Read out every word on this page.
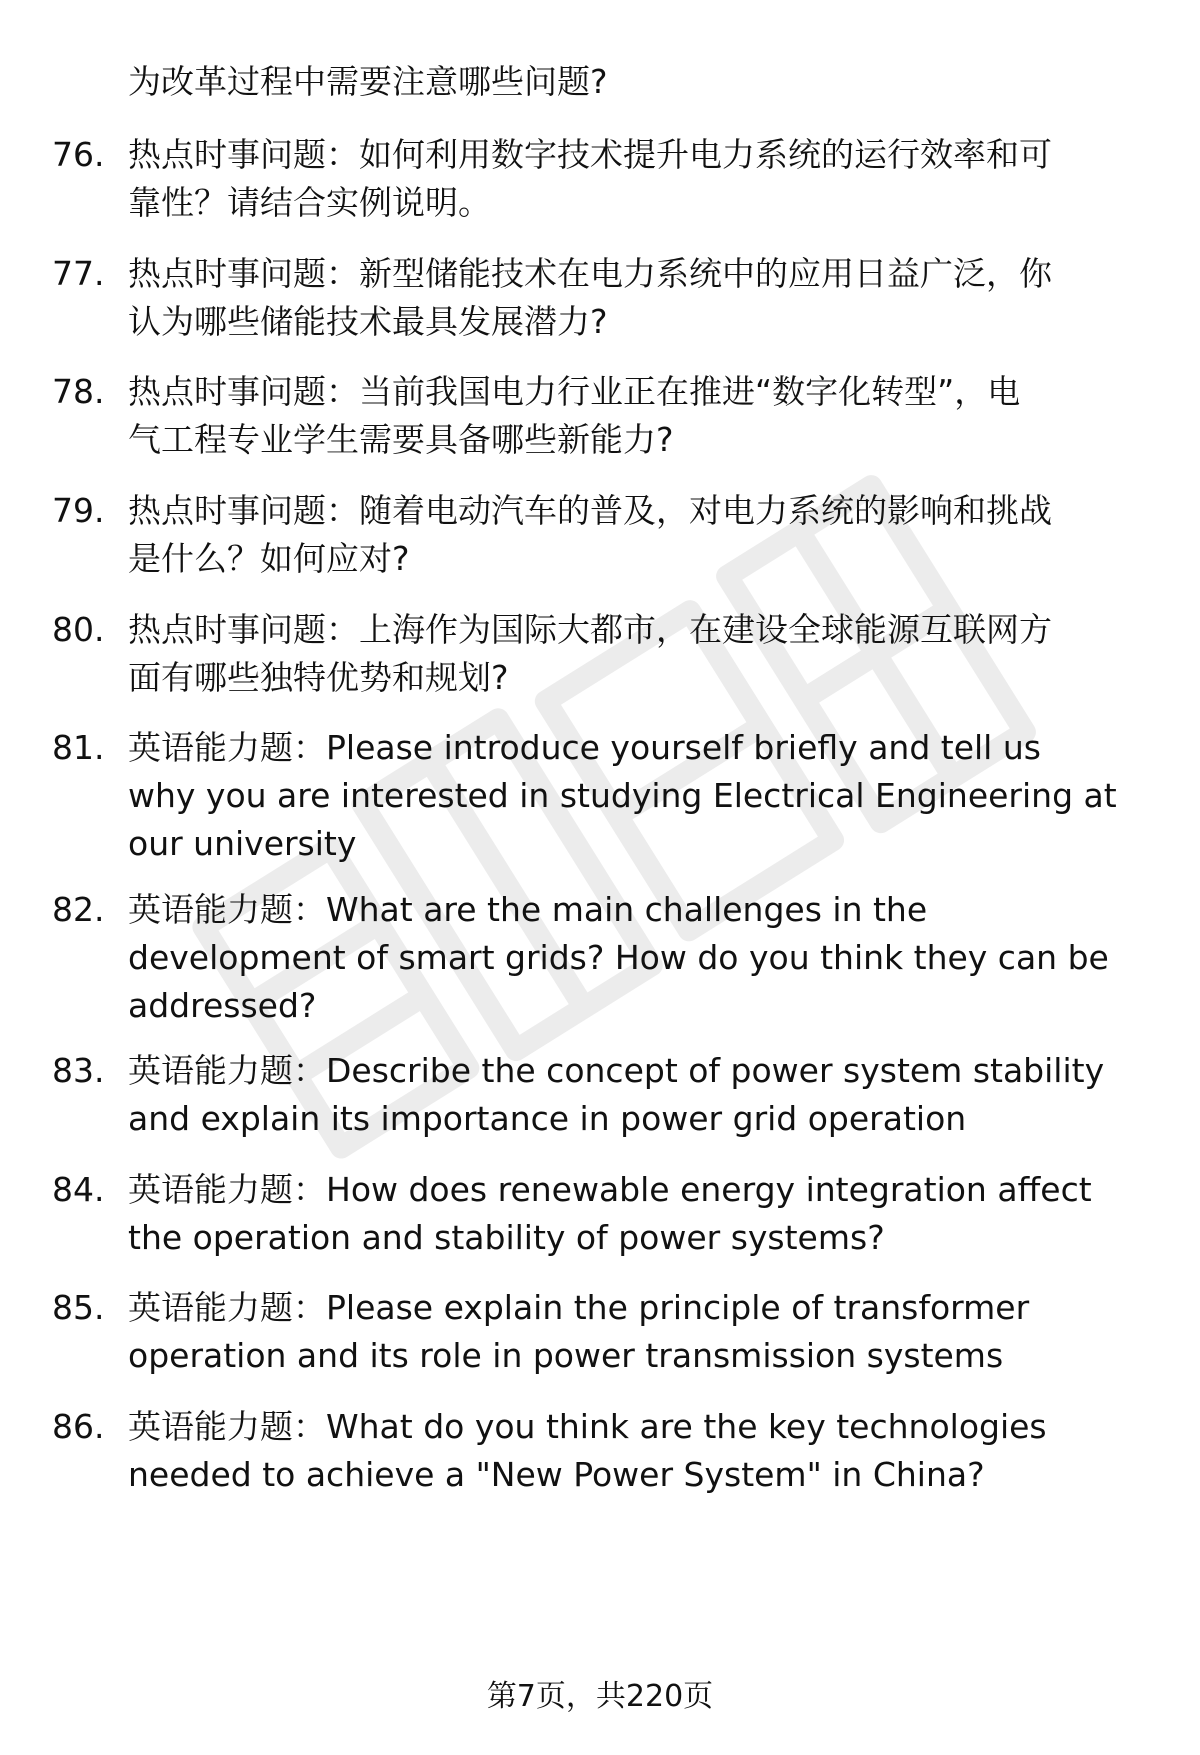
为改革过程中需要注意哪些问题?
76. 热点时事问题：如何利用数字技术提升电力系统的运行效率和可
靠性？请结合实例说明。
77. 热点时事问题：新型储能技术在电力系统中的应用日益广泛，你
认为哪些储能技术最具发展潜力?
78. 热点时事问题：当前我国电力行业正在推进“数字化转型”，电
气工程专业学生需要具备哪些新能力?
79. 热点时事问题：随着电动汽车的普及，对电力系统的影响和挑战
是什么？如何应对?
80. 热点时事问题：上海作为国际大都市，在建设全球能源互联网方
面有哪些独特优势和规划?
81. 英语能力题：Please introduce yourself briefly and tell us
why you are interested in studying Electrical Engineering at
our university
82. 英语能力题：What are the main challenges in the
development of smart grids? How do you think they can be
addressed?
83. 英语能力题：Describe the concept of power system stability
and explain its importance in power grid operation
84. 英语能力题：How does renewable energy integration affect
the operation and stability of power systems?
85. 英语能力题：Please explain the principle of transformer
operation and its role in power transmission systems
86. 英语能力题：What do you think are the key technologies
needed to achieve a "New Power System" in China?
第7页，共220页
